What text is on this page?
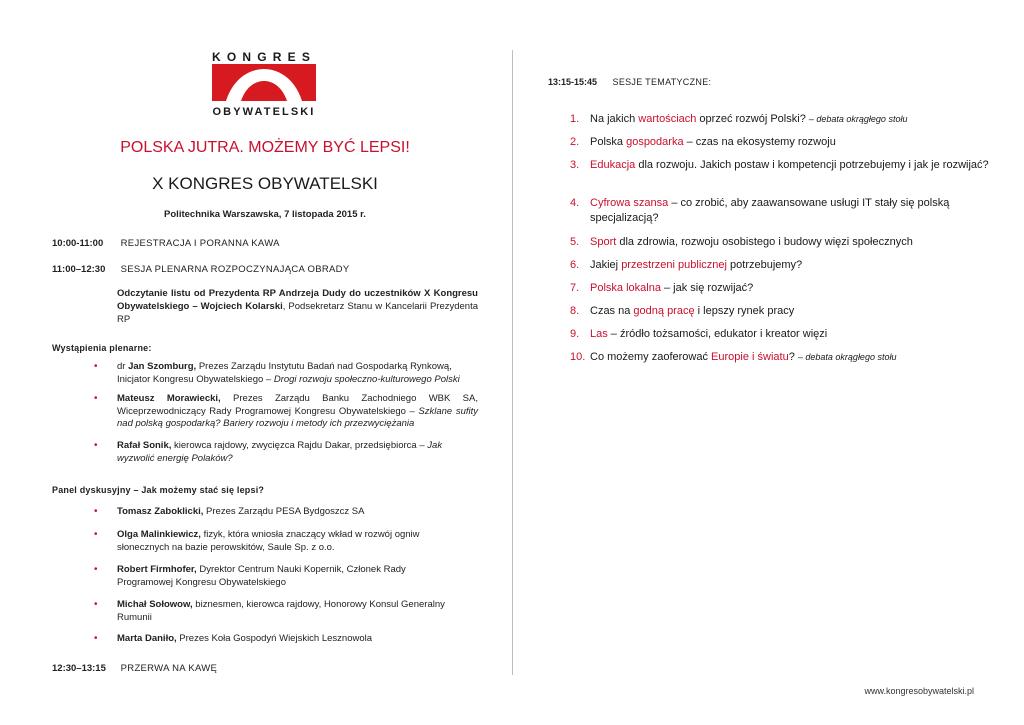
KONGRES
OBYWATELSKI
POLSKA JUTRA. MOŻEMY BYĆ LEPSI!
X KONGRES OBYWATELSKI
Politechnika Warszawska, 7 listopada 2015 r.
10:00-11:00 REJESTRACJA I PORANNA KAWA
11:00–12:30 SESJA PLENARNA ROZPOCZYNAJĄCA OBRADY
Odczytanie listu od Prezydenta RP Andrzeja Dudy do uczestników X Kongresu Obywatelskiego – Wojciech Kolarski, Podsekretarz Stanu w Kancelarii Prezydenta RP
Wystąpienia plenarne:
• dr Jan Szomburg, Prezes Zarządu Instytutu Badań nad Gospodarką Rynkową, Inicjator Kongresu Obywatelskiego – Drogi rozwoju społeczno-kulturowego Polski
• Mateusz Morawiecki, Prezes Zarządu Banku Zachodniego WBK SA, Wiceprzewodniczący Rady Programowej Kongresu Obywatelskiego – Szklane sufity nad polską gospodarką? Bariery rozwoju i metody ich przezwyciężania
• Rafał Sonik, kierowca rajdowy, zwycięzca Rajdu Dakar, przedsiębiorca – Jak wyzwolić energię Polaków?
Panel dyskusyjny – Jak możemy stać się lepsi?
• Tomasz Zaboklicki, Prezes Zarządu PESA Bydgoszcz SA
• Olga Malinkiewicz, fizyk, która wniosła znaczący wkład w rozwój ogniw słonecznych na bazie perowskitów, Saule Sp. z o.o.
• Robert Firmhofer, Dyrektor Centrum Nauki Kopernik, Członek Rady Programowej Kongresu Obywatelskiego
• Michał Sołowow, biznesmen, kierowca rajdowy, Honorowy Konsul Generalny Rumunii
• Marta Daniło, Prezes Koła Gospodyń Wiejskich Lesznowola
12:30–13:15 PRZERWA NA KAWĘ
13:15-15:45 SESJE TEMATYCZNE:
1. Na jakich wartościach oprzeć rozwój Polski? – debata okrągłego stołu
2. Polska gospodarka – czas na ekosystemy rozwoju
3. Edukacja dla rozwoju. Jakich postaw i kompetencji potrzebujemy i jak je rozwijać?
4. Cyfrowa szansa – co zrobić, aby zaawansowane usługi IT stały się polską specjalizacją?
5. Sport dla zdrowia, rozwoju osobistego i budowy więzi społecznych
6. Jakiej przestrzeni publicznej potrzebujemy?
7. Polska lokalna – jak się rozwijać?
8. Czas na godną pracę i lepszy rynek pracy
9. Las – źródło tożsamości, edukator i kreator więzi
10. Co możemy zaoferować Europie i światu? – debata okrągłego stołu
www.kongresobywatelski.pl
